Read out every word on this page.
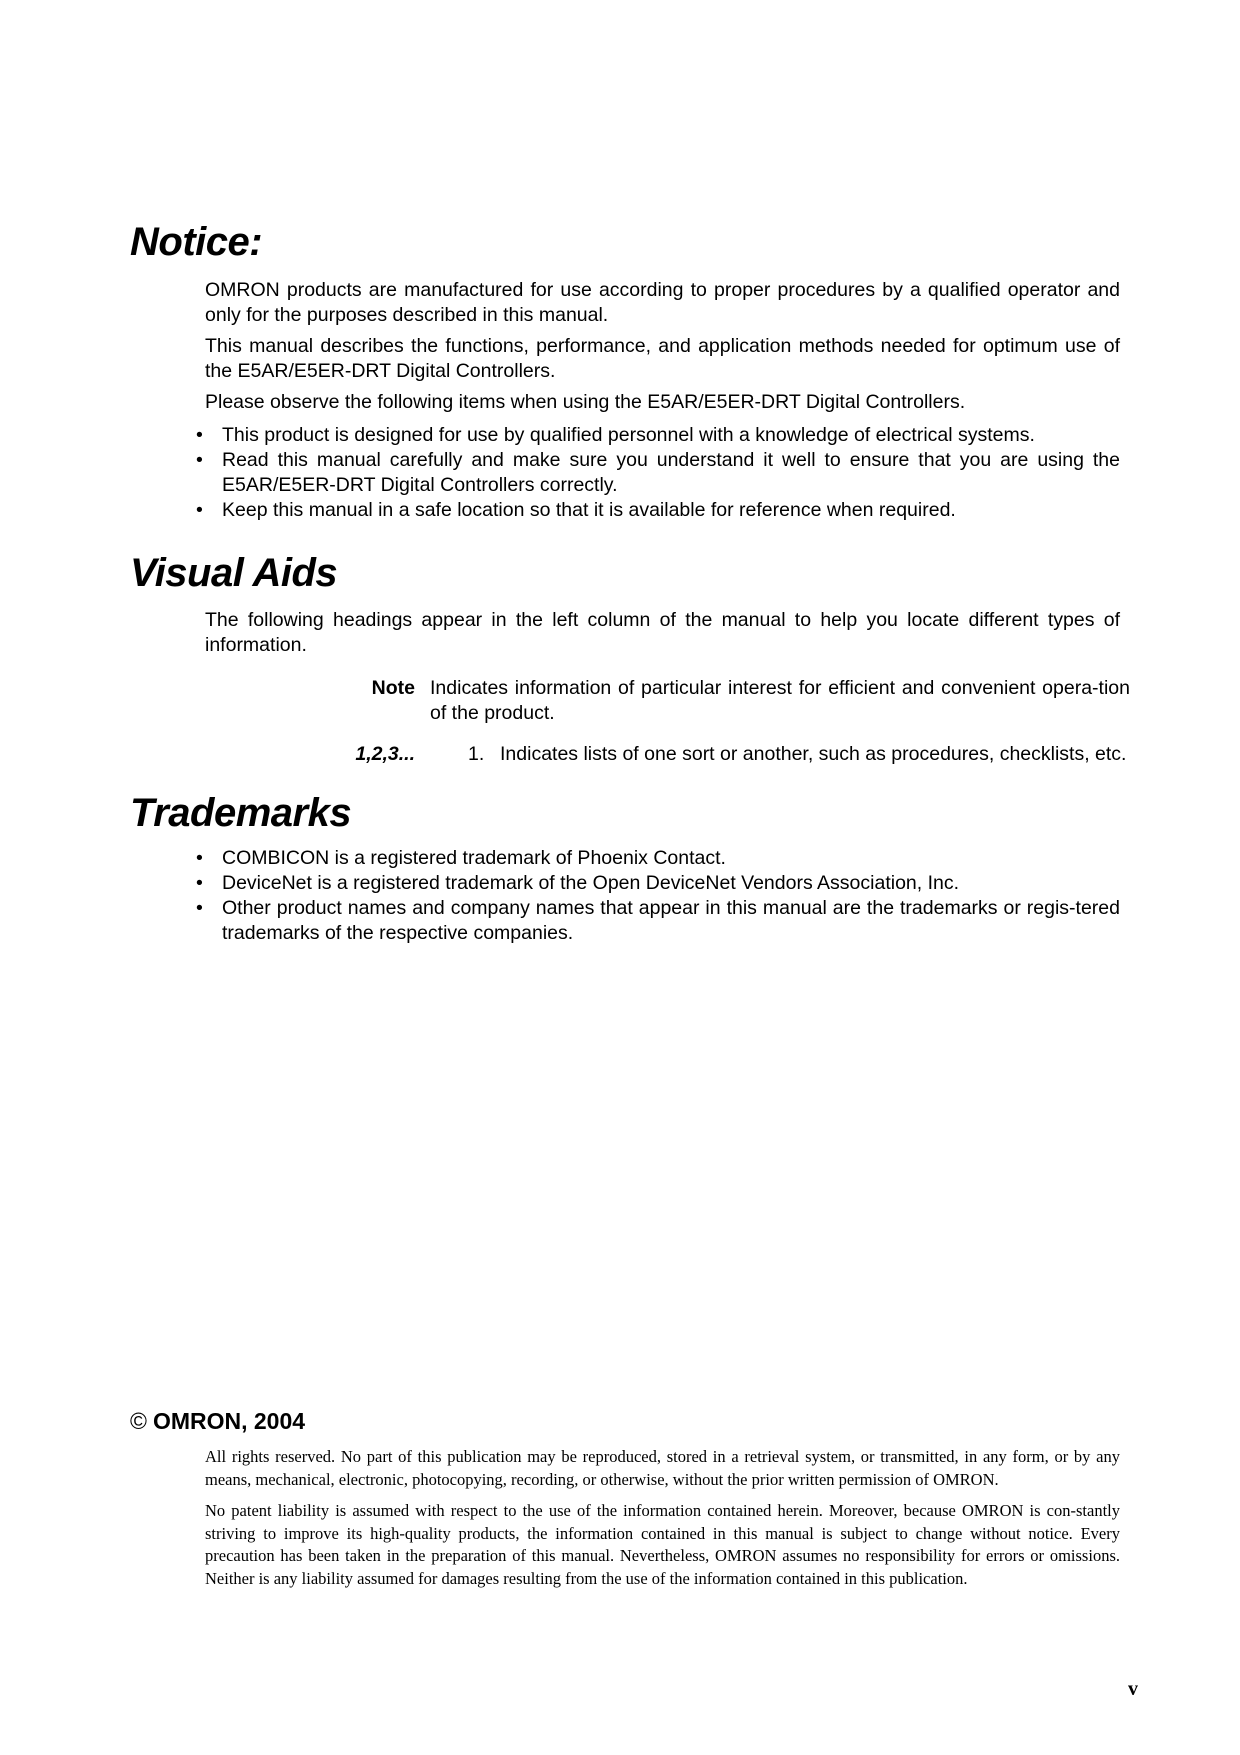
Notice:

OMRON products are manufactured for use according to proper procedures by a qualified operator and only for the purposes described in this manual.

This manual describes the functions, performance, and application methods needed for optimum use of the E5AR/E5ER-DRT Digital Controllers.

Please observe the following items when using the E5AR/E5ER-DRT Digital Controllers.

• This product is designed for use by qualified personnel with a knowledge of electrical systems.
• Read this manual carefully and make sure you understand it well to ensure that you are using the E5AR/E5ER-DRT Digital Controllers correctly.
• Keep this manual in a safe location so that it is available for reference when required.
Visual Aids

The following headings appear in the left column of the manual to help you locate different types of information.

Note Indicates information of particular interest for efficient and convenient opera-tion of the product.

1,2,3...	1. Indicates lists of one sort or another, such as procedures, checklists, etc.

Trademarks
• COMBICON is a registered trademark of Phoenix Contact.
• DeviceNet is a registered trademark of the Open DeviceNet Vendors Association, Inc.
• Other product names and company names that appear in this manual are the trademarks or regis-tered trademarks of the respective companies.
© OMRON, 2004

All rights reserved. No part of this publication may be reproduced, stored in a retrieval system, or transmitted, in any form, or by any means, mechanical, electronic, photocopying, recording, or otherwise, without the prior written permission of OMRON.

No patent liability is assumed with respect to the use of the information contained herein. Moreover, because OMRON is con-stantly striving to improve its high-quality products, the information contained in this manual is subject to change without notice. Every precaution has been taken in the preparation of this manual. Nevertheless, OMRON assumes no responsibility for errors or omissions. Neither is any liability assumed for damages resulting from the use of the information contained in this publication.

v
